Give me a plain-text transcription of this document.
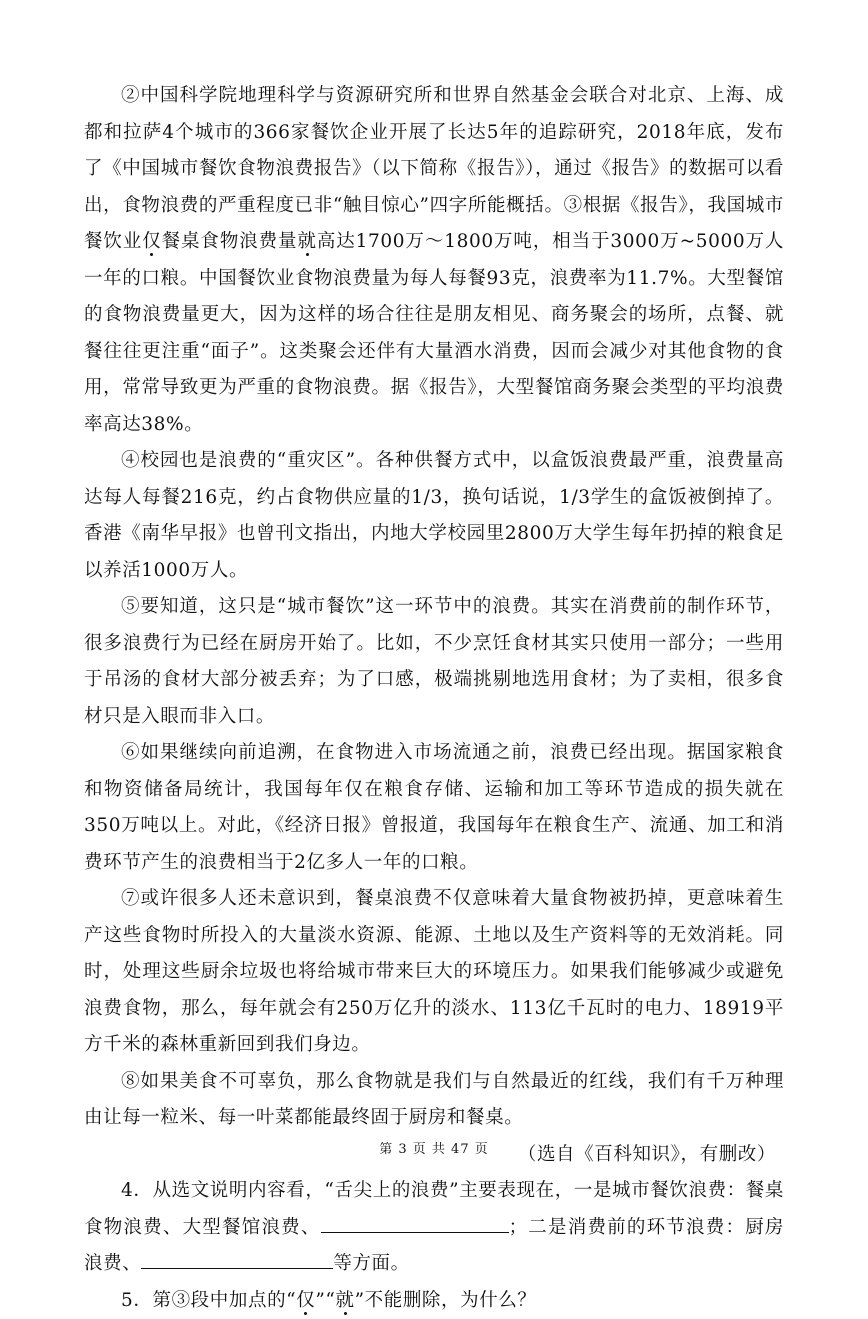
②中国科学院地理科学与资源研究所和世界自然基金会联合对北京、上海、成都和拉萨4个城市的366家餐饮企业开展了长达5年的追踪研究，2018年底，发布了《中国城市餐饮食物浪费报告》（以下简称《报告》），通过《报告》的数据可以看出，食物浪费的严重程度已非“触目惊心”四字所能概括。③根据《报告》，我国城市餐饮业仅餐桌食物浪费量就高达1700万～1800万吨，相当于3000万~5000万人一年的口粮。中国餐饮业食物浪费量为每人每餐93克，浪费率为11.7%。大型餐馆的食物浪费量更大，因为这样的场合往往是朋友相见、商务聚会的场所，点餐、就餐往往更注重“面子”。这类聚会还伴有大量酒水消费，因而会减少对其他食物的食用，常常导致更为严重的食物浪费。据《报告》，大型餐馆商务聚会类型的平均浪费率高达38%。

④校园也是浪费的“重灾区”。各种供餐方式中，以盒饭浪费最严重，浪费量高达每人每餐216克，约占食物供应量的1/3，换句话说，1/3学生的盒饭被倒掉了。香港《南华早报》也曾刊文指出，内地大学校园里2800万大学生每年扔掉的粮食足以养活1000万人。

⑤要知道，这只是“城市餐饮”这一环节中的浪费。其实在消费前的制作环节，很多浪费行为已经在厨房开始了。比如，不少烹饪食材其实只使用一部分；一些用于吊汤的食材大部分被丢弃；为了口感，极端挑剔地选用食材；为了卖相，很多食材只是入眼而非入口。

⑥如果继续向前追溯，在食物进入市场流通之前，浪费已经出现。据国家粮食和物资储备局统计，我国每年仅在粮食存储、运输和加工等环节造成的损失就在350万吨以上。对此，《经济日报》曾报道，我国每年在粮食生产、流通、加工和消费环节产生的浪费相当于2亿多人一年的口粮。

⑦或许很多人还未意识到，餐桌浪费不仅意味着大量食物被扔掉，更意味着生产这些食物时所投入的大量淡水资源、能源、土地以及生产资料等的无效消耗。同时，处理这些厨余垃圾也将给城市带来巨大的环境压力。如果我们能够减少或避免浪费食物，那么，每年就会有250万亿升的淡水、113亿千瓦时的电力、18919平方千米的森林重新回到我们身边。

⑧如果美食不可辜负，那么食物就是我们与自然最近的红线，我们有千万种理由让每一粒米、每一叶菜都能最终固于厨房和餐桌。

（选自《百科知识》，有删改）

4．从选文说明内容看，“舌尖上的浪费”主要表现在，一是城市餐饮浪费：餐桌食物浪费、大型餐馆浪费、	；二是消费前的环节浪费：厨房浪费、	等方面。

5．第③段中加点的“仅”“就”不能删除，为什么？

第 3 页 共 47 页
